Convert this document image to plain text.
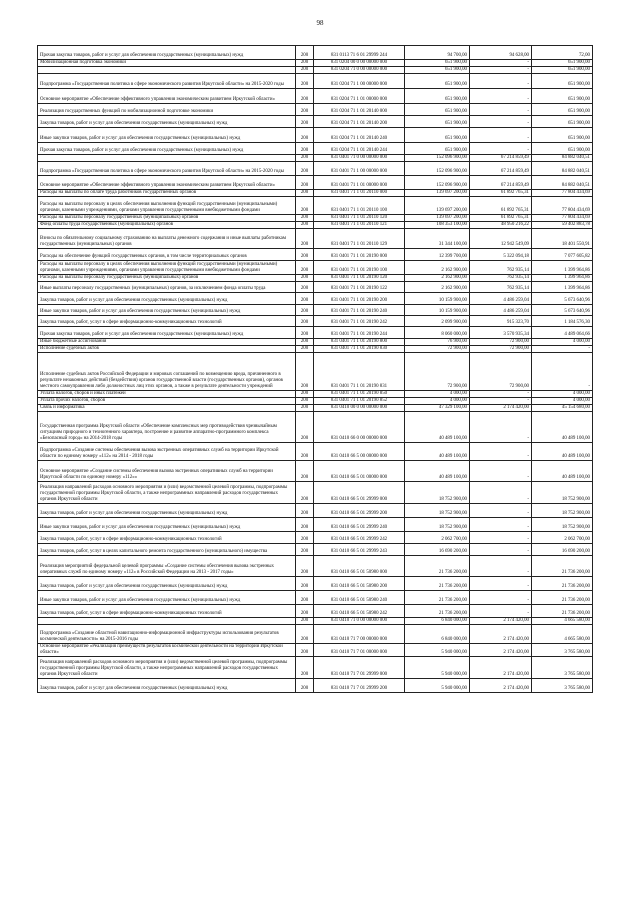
98
Прочая закупка товаров, работ и услуг для обеспечения государственных (муниципальных) нужд	200	831 0113 71 6 01 29999 244	94 700,00	94 628,00	72,00
Мобилизационная подготовка экономики	200	831 0204 00 0 00 00000 000	651 900,00	-	651 900,00
	200	831 0204 71 0 00 00000 000	651 900,00	-	651 900,00
Подпрограмма «Государственная политика в сфере экономического развития Иркутской области» на 2015-2020 годы	200	831 0204 71 1 00 00000 000	651 900,00	-	651 900,00
Основное мероприятие «Обеспечение эффективного управления экономическим развитием Иркутской области»	200	831 0204 71 1 01 00000 000	651 900,00	-	651 900,00
Реализация государственных функций по мобилизационной подготовке экономики	200	831 0204 71 1 01 20140 000	651 900,00	-	651 900,00
Закупка товаров, работ и услуг для обеспечения государственных (муниципальных) нужд	200	831 0204 71 1 01 20140 200	651 900,00	-	651 900,00
Иные закупки товаров, работ и услуг для обеспечения государственных (муниципальных) нужд	200	831 0204 71 1 01 20140 240	651 900,00	-	651 900,00
Прочая закупка товаров, работ и услуг для обеспечения государственных (муниципальных) нужд	200	831 0204 71 1 01 20140 244	651 900,00	-	651 900,00
	200	831 0401 71 0 00 00000 000	152 096 900,00	67 214 859,49	84 882 040,51
Подпрограмма «Государственная политика в сфере экономического развития Иркутской области» на 2015-2020 годы	200	831 0401 71 1 00 00000 000	152 096 900,00	67 214 859,49	84 882 040,51
Основное мероприятие «Обеспечение эффективного управления экономическим развитием Иркутской области»	200	831 0401 71 1 01 00000 000	152 096 900,00	67 214 859,49	84 882 040,51
Расходы на выплаты по оплате труда работников государственных органов	200	831 0401 71 1 01 20110 000	139 697 200,00	61 892 765,31	77 804 434,69
Расходы на выплаты персоналу в целях обеспечения выполнения функций государственными (муниципальными) органами, казенными учреждениями, органами управления государственными внебюджетными фондами	200	831 0401 71 1 01 20110 100	139 697 200,00	61 892 765,31	77 804 434,69
Расходы на выплаты персоналу государственных (муниципальных) органов	200	831 0401 71 1 01 20110 120	139 697 200,00	61 892 765,31	77 804 434,69
Фонд оплаты труда государственных (муниципальных) органов	200	831 0401 71 1 01 20110 121	108 353 100,00	48 950 216,22	59 402 883,78
Взносы по обязательному социальному страхованию на выплаты денежного содержания и иные выплаты работникам государственных (муниципальных) органов	200	831 0401 71 1 01 20110 129	31 344 100,00	12 942 549,09	18 401 550,91
Расходы на обеспечение функций государственных органов, в том числе территориальных органов	200	831 0401 71 1 01 20190 000	12 399 700,00	5 322 094,18	7 077 605,82
Расходы на выплаты персоналу в целях обеспечения выполнения функций государственными (муниципальными) органами, казенными учреждениями, органами управления государственными внебюджетными фондами	200	831 0401 71 1 01 20190 100	2 162 900,00	762 935,14	1 399 964,86
Расходы на выплаты персоналу государственных (муниципальных) органов	200	831 0401 71 1 01 20190 120	2 162 900,00	762 935,14	1 399 964,86
Иные выплаты персоналу государственных (муниципальных) органов, за исключением фонда оплаты труда	200	831 0401 71 1 01 20190 122	2 162 900,00	762 935,14	1 399 964,86
Закупка товаров, работ и услуг для обеспечения государственных (муниципальных) нужд	200	831 0401 71 1 01 20190 200	10 159 900,00	4 486 259,04	5 673 640,96
Иные закупки товаров, работ и услуг для обеспечения государственных (муниципальных) нужд	200	831 0401 71 1 01 20190 240	10 159 900,00	4 486 259,04	5 673 640,96
Закупка товаров, работ, услуг в сфере информационно-коммуникационных технологий	200	831 0401 71 1 01 20190 242	2 099 900,00	915 323,70	1 184 576,30
Прочая закупка товаров, работ и услуг для обеспечения государственных (муниципальных) нужд	200	831 0401 71 1 01 20190 244	8 060 000,00	3 570 935,34	4 489 064,66
Иные бюджетные ассигнования	200	831 0401 71 1 01 20190 800	76 900,00	72 900,00	4 000,00
Исполнение судебных актов	200	831 0401 71 1 01 20190 830	72 900,00	72 900,00	-
Исполнение судебных актов Российской Федерации и мировых соглашений по возмещению вреда, причиненного в результате незаконных действий (бездействия) органов государственной власти (государственных органов), органов местного самоуправления либо должностных лиц этих органов, а также в результате деятельности учреждений	200	831 0401 71 1 01 20190 831	72 900,00	72 900,00	-
Уплата налогов, сборов и иных платежей	200	831 0401 71 1 01 20190 850	4 000,00	-	4 000,00
Уплата прочих налогов, сборов	200	831 0401 71 1 01 20190 852	4 000,00	-	4 000,00
Связь и информатика	200	831 0410 00 0 00 00000 000	47 329 100,00	2 174 420,00	45 154 680,00
Государственная программа Иркутской области «Обеспечение комплексных мер противодействия чрезвычайным ситуациям природного и техногенного характера, построение и развитие аппаратно-программного комплекса «Безопасный город» на 2014-2018 годы	200	831 0410 66 0 00 00000 000	40 489 100,00	-	40 489 100,00
Подпрограмма «Создание системы обеспечения вызова экстренных оперативных служб на территории Иркутской области по единому номеру «112» на 2014 - 2018 годы	200	831 0410 66 5 00 00000 000	40 489 100,00	-	40 489 100,00
Основное мероприятие «Создание системы обеспечения вызова экстренных оперативных служб на территории Иркутской области по единому номеру «112»»	200	831 0410 66 5 01 00000 000	40 489 100,00	-	40 489 100,00
Реализация направлений расходов основного мероприятия и (или) ведомственной целевой программы, подпрограммы государственной программы Иркутской области, а также непрограммных направлений расходов государственных органов Иркутской области	200	831 0410 66 5 01 29999 000	18 752 900,00	-	18 752 900,00
Закупка товаров, работ и услуг для обеспечения государственных (муниципальных) нужд	200	831 0410 66 5 01 29999 200	18 752 900,00	-	18 752 900,00
Иные закупки товаров, работ и услуг для обеспечения государственных (муниципальных) нужд	200	831 0410 66 5 01 29999 240	18 752 900,00	-	18 752 900,00
Закупка товаров, работ, услуг в сфере информационно-коммуникационных технологий	200	831 0410 66 5 01 29999 242	2 062 700,00	-	2 062 700,00
Закупка товаров, работ, услуг в целях капитального ремонта государственного (муниципального) имущества	200	831 0410 66 5 01 29999 243	16 690 200,00	-	16 690 200,00
Реализация мероприятий федеральной целевой программы «Создание системы обеспечения вызова экстренных оперативных служб по единому номеру «112» в Российской Федерации на 2013 - 2017 годы»	200	831 0410 66 5 01 50980 000	21 736 200,00	-	21 736 200,00
Закупка товаров, работ и услуг для обеспечения государственных (муниципальных) нужд	200	831 0410 66 5 01 50980 200	21 736 200,00	-	21 736 200,00
Иные закупки товаров, работ и услуг для обеспечения государственных (муниципальных) нужд	200	831 0410 66 5 01 50980 240	21 736 200,00	-	21 736 200,00
Закупка товаров, работ, услуг в сфере информационно-коммуникационных технологий	200	831 0410 66 5 01 50980 242	21 736 200,00	-	21 736 200,00
	200	831 0410 71 0 00 00000 000	6 840 000,00	2 174 420,00	4 665 580,00
Подпрограмма «Создание областной навигационно-информационной инфраструктуры использования результатов космической деятельности» на 2015-2016 годы	200	831 0410 71 7 00 00000 000	6 840 000,00	2 174 420,00	4 665 580,00
Основное мероприятие «Реализация преимуществ результатов космической деятельности на территории Иркутской области»	200	831 0410 71 7 01 00000 000	5 940 000,00	2 174 420,00	3 765 580,00
Реализация направлений расходов основного мероприятия и (или) ведомственной целевой программы, подпрограммы государственной программы Иркутской области, а также непрограммных направлений расходов государственных органов Иркутской области	200	831 0410 71 7 01 29999 000	5 940 000,00	2 174 420,00	3 765 580,00
Закупка товаров, работ и услуг для обеспечения государственных (муниципальных) нужд	200	831 0410 71 7 01 29999 200	5 940 000,00	2 174 420,00	3 765 580,00
